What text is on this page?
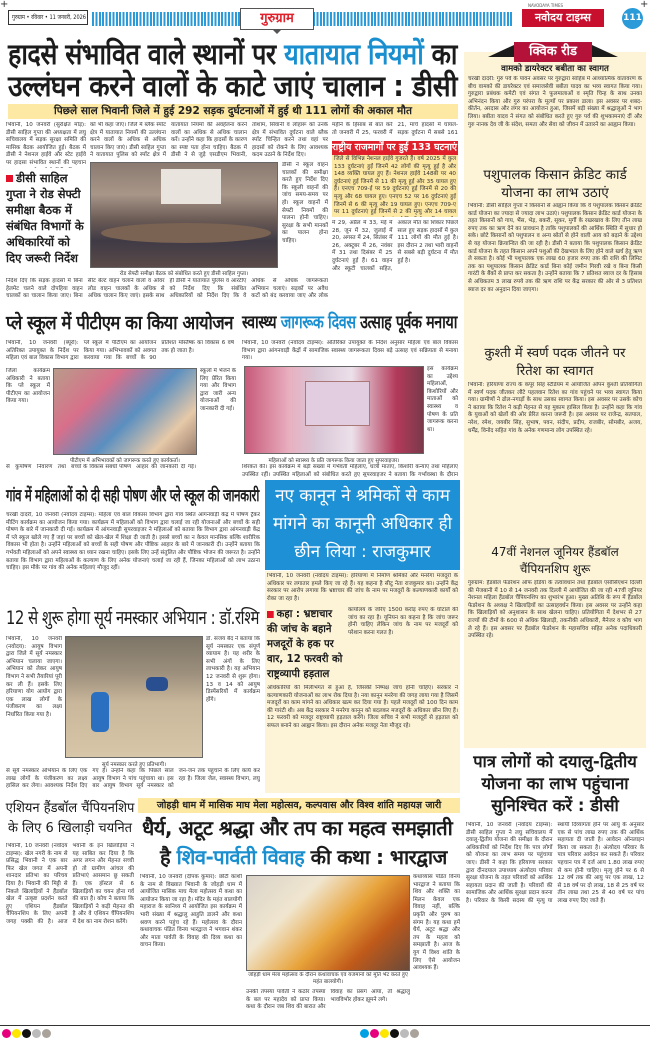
+	+
गुरुग्राम • रविवार • 11 जनवरी, 2026	गुरुग्राम
NAVODAYA TIMES
नवोदय टाइम्स	111
हादसे संभावित वाले स्थानों पर यातायात नियमों का
उल्लंघन करने वालों के काटे जाएं चालान : डीसी
पिछले साल भिवानी जिले में हुई 292 सड़क दुर्घटनाओं में हुई थी 111 लोगों की अकाल मौत
भिवानी, 10 जनवरी (सुरक्षित मोड़): डीसी साहिल गुप्ता की अध्यक्षता में लघु सचिवालय में सड़क सुरक्षा समिति की मासिक बैठक आयोजित हुई। बैठक में डीसी ने नेशनल हाईवे और स्टेट हाईवे पर हादसा संभावित स्थानों की पहचान
डीसी साहिल गुप्ता ने रोड सेफ्टी समीक्षा बैठक में संबंधित विभागों के अधिकारियों को दिए जरूरी निर्देश
को भी कहा जाए। जिले में ब्लैक स्पॉट क्षेत्र में यातायात नियमों की उल्लंघना करने वालों के अधिक से अधिक चालान किए जाएं। डीसी साहिल गुप्ता ने यातायात पुलिस को स्पॉट क्षेत्र में यातायात नियमों की अवहेलना करने वालों का अधिक से अधिक चालान करें। उन्होंने कहा कि हादसों के कारण का स्पष्ट पता होना चाहिए। बैठक में डीसी ने से जुड़े एसडीएम भिवानी, तोशाम, सिवानी व लोहारू को उनके क्षेत्र में संभावित दुर्घटना वाले ब्लैक स्पॉट चिन्हित करने तथा वहां पर हादसों को रोकने के लिए आवश्यक कदम उठाने के निर्देश दिए।
रोड सेफ्टी समीक्षा बैठक को संबोधित करते हुए डीसी साहिल गुप्ता।
डीसी ने स्कूल वाहन चालकों की समीक्षा करते हुए निर्देश दिए कि स्कूली वाहनों की जांच समय-समय पर हो। स्कूल वाहनों में सेफ्टी नियमों की पालना होनी चाहिए। सुरक्षा के सभी मानकों का पालन होना चाहिए।
निर्देश दिए कि सड़क हादसों में बिना हेलमेट चलने वाले दोपहिया वाहन चालकों का चालान किया जाए। बिना सीट बेल्ट वाहन चलाने वालों व ओवर लोड वाहन चालकों के अधिक से अधिक चालान किए जाएं। इसके साथ ही डीसी ने यातायात पुलिस व आरटीए को निर्देश दिए कि संबंधित अधिकारियों को निर्देश दिए कि वे अधिक से अधिक जागरूकता अभियान चलाएं। सड़कों पर अवैध कटों को बंद करवाया जाए और लोक
महीने के हिसाब से बात करें तो जनवरी में 25, फरवरी में 21, मार्च हादसों में घायल-सड़क दुर्घटना में सबसे 161
राष्ट्रीय राजमार्गों पर हुई 133 घटनाएं
जिले से विभिन्न नेशनल हाईवे गुजरते हैं। वर्ष 2025 में कुल 133 दुर्घटनाएं हुईं जिनमें 42 लोगों की मृत्यु हुई है और 148 व्यक्ति घायल हुए हैं। नेशनल हाईवे 148बी पर 40 दुर्घटनाएं हुई जिनमें से 11 की मृत्यु हुई और 35 घायल हुए हैं। एनएच 709-ई पर 59 दुर्घटनाएं हुई जिनमें से 20 की मृत्यु और 68 घायल हुए। एनएच 52 पर 16 दुर्घटनाएं हुई जिनमें से 6 की मृत्यु और 19 घायल हुए। एनएच 709-ए पर 11 दुर्घटनाएं हुई जिनमें से 2 की मृत्यु और 14 घायल
में 29, अप्रैल में 33, मई में 28, जून में 32, जुलाई में 20, अगस्त में 24, सितंबर में 26, अक्टूबर में 26, नवंबर में 31 तथा दिसंबर में 25 दुर्घटनाएं हुई हैं। 61 वाहन और स्कूटी चालकों सहित, अकाल मौत का शिकार पिछले साल हुए सड़क हादसों में कुल 111 लोगों की मौत हुई है। इस दौरान 2 तथा भारी वाहनों से सबसे बड़ी दुर्घटना में मौत हुई है।
प्ले स्कूल में पीटीएम का किया आयोजन
भिवानी, 10 जनवरी (ब्यूरो): अतिरिक्त उपायुक्त के निर्देश पर महिला एवं बाल विकास विभाग द्वारा प्ले स्कूल में पीटीएम का आयोजन किया गया। अभिभावकों को अवगत करवाया गया कि बच्चों के 90 प्रतिशत मस्तिष्क का विकास 6 वर्ष तक हो जाता है।
जिला कार्यक्रम अधिकारी ने बताया कि प्ले स्कूल में पीटीएम का आयोजन किया गया।
पीटीएम में अभिभावकों को जागरूक करते हुए कार्यकर्ता।
स्कूलों में भेजने के लिए प्रेरित किया गया और विभाग द्वारा जारी अन्य योजनाओं की जानकारी दी गई।
से कुपोषण निवारण तथा बच्चों के विकास संबंधी पोषण आहार की जानकारी दी गई।
स्वास्थ्य जागरूक दिवस उत्साह पूर्वक मनाया
भिवानी, 10 जनवरी (नवोदय टाइम्स): अतिरिक्त उपायुक्त के निर्देश अनुसार महिला एवं बाल विकास विभाग द्वारा आंगनवाड़ी केंद्रों में सामाजिक स्वास्थ्य जागरूकता दिवस बड़े उत्साह एवं सक्रियता से मनाया गया।
महिलाओं को स्वास्थ्य के प्रति जागरूक किया जाता हुए सुपरवाइजर।
इस कार्यक्रम का उद्देश्य महिलाओं, किशोरियों और माताओं को स्वास्थ्य व पोषण के प्रति जागरूक करना था।
शिरकत की। इस कार्यक्रम में बड़ी संख्या में गर्भवती महिलाएं, धात्री माताएं, किशोरी कन्याएं तथा महिलाएं उपस्थित रहीं। उपस्थित महिलाओं को संबोधित करते हुए सुपरवाइजर ने बताया कि गर्भावस्था के दौरान
गांव में महिलाओं को दी सही पोषण और प्ले स्कूल की जानकारी
चरखी दादरी, 10 जनवरी (नवोदय टाइम्स): महिला एवं बाल विकास विभाग द्वारा गांव स्थित आंगनवाड़ी केंद्र में पोषण ट्रैकर मीटिंग कार्यक्रम का आयोजन किया गया। कार्यक्रम में महिलाओं को विभाग द्वारा चलाई जा रही योजनाओं और बच्चों के सही पोषण के बारे में जानकारी दी गई। कार्यक्रम में आंगनवाड़ी सुपरवाइजर ने महिलाओं को बताया कि विभाग द्वारा आंगनवाड़ी केंद्र में प्ले स्कूल खोले गए हैं जहां पर बच्चों को खेल-खेल में शिक्षा दी जाती है। इससे बच्चों का न केवल मानसिक बल्कि शारीरिक विकास भी होता है। उन्होंने महिलाओं को बच्चों के सही पोषण और पौष्टिक आहार के बारे में जानकारी दी। उन्होंने बताया कि गर्भवती महिलाओं को अपने स्वास्थ्य का ध्यान रखना चाहिए। इसके लिए उन्हें संतुलित और पौष्टिक भोजन की जरूरत है। उन्होंने बताया कि विभाग द्वारा महिलाओं के कल्याण के लिए अनेक योजनाएं चलाई जा रही हैं, जिनका महिलाओं को लाभ उठाना चाहिए। इस मौके पर गांव की अनेक महिलाएं मौजूद रहीं।
नए कानून ने श्रमिकों से काम मांगने का कानूनी अधिकार ही छीन लिया : राजकुमार
भिवानी, 10 जनवरी (नवोदय टाइम्स): हरियाणा में निर्माण श्रमिकों और मनरेगा मजदूरों के अधिकार पर लगातार हमले किए जा रहे हैं। यह कहना है सीटू नेता राजकुमार का। उन्होंने केंद्र सरकार पर आरोप लगाया कि भ्रष्टाचार की जांच के नाम पर मजदूरों के कल्याणकारी कार्यों को रोका जा रहा है।
कहा : भ्रष्टाचार की जांच के बहाने मजदूरों के हक पर वार, 12 फरवरी को राष्ट्रव्यापी हड़ताल
कार्यालय के जरिए 1500 करोड़ रुपए के घोटाले की जांच का रहा है। यूनियन का कहना है कि जांच जरूर होनी चाहिए लेकिन जांच के नाम पर मजदूरों को परेशान करना गलत है।
अधिकारियों की मिलीभगत से हुआ है, जिसकी निष्पक्ष जांच होनी चाहिए। सरकार ने कल्याणकारी योजनाओं का लाभ रोक दिया है। नया कानून मनरेगा की जगह लाया गया है जिसमें मजदूरों का काम मांगने का अधिकार खत्म कर दिया गया है। पहले मजदूरों को 100 दिन काम की गारंटी थी। अब केंद्र सरकार ने मनरेगा कानून को बदलकर मजदूरों के अधिकार छीन लिए हैं। 12 फरवरी को मजदूर राष्ट्रव्यापी हड़ताल करेंगे। जिला सचिव ने सभी मजदूरों से हड़ताल को सफल बनाने का आह्वान किया। इस दौरान अनेक मजदूर नेता मौजूद रहे।
12 से शुरू होगा सूर्य नमस्कार अभियान : डॉ.रश्मि
भिवानी, 10 जनवरी (नवोदय): आयुष विभाग द्वारा जिले में सूर्य नमस्कार अभियान चलाया जाएगा। अभियान को लेकर आयुष विभाग ने सभी तैयारियां पूरी कर ली हैं। इसके लिए हरियाणा योग आयोग द्वारा एक लाख लोगों के पंजीकरण का लक्ष्य निर्धारित किया गया है।
सूर्य नमस्कार करते हुए प्रतिभागी।
डॉ. संजय बैद ने बताया कि सूर्य नमस्कार एक संपूर्ण व्यायाम है। यह शरीर के सभी अंगों के लिए लाभकारी है। यह अभियान 12 जनवरी से शुरू होगा। 13 व 14 को आयुष डिस्पेंसरियों में कार्यक्रम होंगे।
से सूर्य नमस्कार अभियान के लिए एक लाख लोगों के पंजीकरण का लक्ष्य हासिल कर लेगा। आवश्यक निर्देश दिए गए हैं। उन्होंने कहा कि पिछले साल आयुष विभाग ने पांच पहुंचाया था। इस बार आयुष विभाग सूर्य नमस्कार को जन-जन तक पहुंचाने के लिए कार्य कर रहा है। जिला जेल, स्वास्थ्य विभाग, लघु
एशियन हैंडबॉल चैंपियनशिप के लिए 6 खिलाड़ी चयनित
भिवानी, 10 जनवरी (नवोदय टाइम्स): खेल नगरी के नाम से प्रसिद्ध भिवानी ने एक बार फिर खेल जगत में अपनी शानदार प्रतिभा का परिचय दिया है। भिवानी की मिट्टी से निकले खिलाड़ियों ने हैंडबॉल खेल में उत्कृष्ट प्रदर्शन करते हुए एशियन हैंडबॉल चैंपियनशिप के लिए अपनी जगह पक्की की है। आज भवानी के इन खिलाड़ियों ने यह साबित कर दिया है कि अगर लगन और मेहनत सच्ची हो तो ग्रामीण आंचल की प्रतिभाएं आसमान छू सकती हैं। एक हॉस्टल से 6 खिलाड़ियों का चयन होना गर्व की बात है। कोच ने बताया कि खिलाड़ियों ने कड़ी मेहनत की है और वे एशियन चैंपियनशिप में देश का नाम रोशन करेंगे।
जोहड़ी धाम में मासिक माघ मेला महोत्सव, कल्पवास और विश्व शांति महायज्ञ जारी
धैर्य, अटूट श्रद्धा और तप का महत्व समझाती
है शिव-पार्वती विवाह की कथा : भारद्वाज
भिवानी, 10 जनवरी (दीपक कुमार): छोटी काशी के नाम से विख्यात भिवानी के जोहड़ी धाम में आयोजित मासिक माघ मेला महोत्सव में कथा का आयोजन किया जा रहा है। मंदिर के महंत बालयोगी महाराज के सानिध्य में आयोजित इस कार्यक्रम में भारी संख्या में श्रद्धालु आहुति डालने और कथा श्रवण करने पहुंच रहे हैं। महोत्सव के दौरान कथावाचक पंडित विनय भारद्वाज ने भगवान शंकर और माता पार्वती के विवाह की दिव्य कथा का वाचन किया।
जोहड़ी धाम मेला महोत्सव के दौरान कथावाचक एवं यजमानों को मूर्ति भेंट करते हुए महंत बालयोगी।
उनकी तपस्या पार्वती ने कठोर तपस्या के बल पर महादेव को प्राप्त किया। कथा के दौरान जब शिव की बारात और विवाह का प्रसंग आया, तो श्रद्धालु भावविभोर होकर झूमने लगे।
कथाव्यास पंडित विनय भारद्वाज ने बताया कि शिव और शक्ति का मिलन केवल एक विवाह नहीं, बल्कि प्रकृति और पुरुष का संगम है। यह कथा हमें धैर्य, अटूट श्रद्धा और तप के महत्व को समझाती है। आज के युग में विश्व शांति के लिए ऐसे आयोजन आवश्यक हैं।
क्विक रीड
वामको डायरेक्टर बबीता का स्वागत
चरखी दादरी: गुरु पर्व के पावन अवसर पर गुरुद्वारा साहिब में आध्यात्मिक वातावरण के बीच वामको की डायरेक्टर एवं समाजसेवी बबीता यादव का भव्य स्वागत किया गया। गुरुद्वारा प्रबंधक कमेटी एवं संगत ने फूलमालाओं व स्मृति चिन्ह के साथ उनका अभिनंदन किया और गुरु परंपरा के मूल्यों पर प्रकाश डाला। इस अवसर पर शबद-कीर्तन, अरदास और लंगर का आयोजन हुआ, जिसमें बड़ी संख्या में श्रद्धालुओं ने भाग लिया। बबीता यादव ने संगत को संबोधित करते हुए गुरु पर्व की शुभकामनाएं दीं और गुरु नानक देव जी के संदेश, समता और सेवा को जीवन में उतारने का आह्वान किया।
पशुपालक किसान क्रेडिट कार्ड योजना का लाभ उठाएं
भिवानी: डीसी साहिल गुप्ता ने किसानों से आह्वान किया कि वे पशुपालक किसान क्रेडिट कार्ड योजना का ज्यादा से ज्यादा लाभ उठाएं। पशुपालक किसान क्रेडिट कार्ड योजना के तहत किसानों को गाय, भैंस, भेड़, बकरी, सूकर, मुर्गी के रखरखाव के लिए तीन लाख रुपए तक का ऋण देने का प्रावधान है ताकि पशुपालकों की आर्थिक स्थिति में सुधार हो सके। छोटे किसानों को पशुपालन व अन्य स्रोतों से होने वाली आय को बढ़ाने के उद्देश्य से यह योजना क्रियान्वित की जा रही है। डीसी ने बताया कि पशुपालक किसान क्रेडिट कार्ड योजना के तहत किसान अपने पशुओं की देखभाल के लिए होने वाले खर्च हेतु ऋण ले सकता है। कोई भी पशुपालक एक लाख 60 हजार रुपए तक की राशि की लिमिट तक का पशुपालक किसान क्रेडिट कार्ड बिना कोई जमीन गिरवी रखे व बिना किसी गारंटी के बैंकों से प्राप्त कर सकता है। उन्होंने बताया कि 7 प्रतिशत ब्याज दर के हिसाब से अधिकतम 3 लाख रुपये तक की ऋण राशि पर केंद्र सरकार की ओर से 3 प्रतिशत ब्याज दर का अनुदान दिया जाएगा।
कुश्ती में स्वर्ण पदक जीतने पर रितेश का स्वागत
भिवानी: हरियाणा राज्य के कपूर सिंह स्टेडियम में आयोजित ओपन कुश्ती प्रतियोगिता में स्वर्ण पदक जीतकर लौटे पहलवान रितेश का गांव पहुंचने पर भव्य स्वागत किया गया। ग्रामीणों ने ढोल-नगाड़ों के साथ उसका स्वागत किया। इस अवसर पर उसके कोच ने बताया कि रितेश ने कड़ी मेहनत से यह मुकाम हासिल किया है। उन्होंने कहा कि गांव के युवाओं को खेलों की ओर प्रेरित करना जरूरी है। इस अवसर पर राजेन्द्र, सतपाल, नरेश, रमेश, जयबीर सिंह, सुभाष, पवन, संदीप, प्रदीप, राजबीर, सोमबीर, अजय, धर्मेंद्र, विनोद सहित गांव के अनेक गणमान्य लोग उपस्थित रहे।
47वीं नेशनल जूनियर हैंडबॉल चैंपियनशिप शुरू
गुरुग्राम: हैंडबॉल फेडरेशन ऑफ इंडिया के तत्वावधान तथा हैंडबॉल एसोसिएशन दिल्ली की मेजबानी में 10 से 14 जनवरी तक दिल्ली में आयोजित की जा रही 47वीं जूनियर नेशनल महिला हैंडबॉल चैंपियनशिप का शुभारंभ हुआ। मुख्य अतिथि के रूप में हैंडबॉल फेडरेशन के अध्यक्ष ने खिलाड़ियों का उत्साहवर्धन किया। इस अवसर पर उन्होंने कहा कि खिलाड़ियों को अनुशासन के साथ खेलना चाहिए। प्रतियोगिता में देशभर से 27 राज्यों की टीमों के 600 से अधिक खिलाड़ी, तकनीकी अधिकारी, मैनेजर व कोच भाग ले रहे हैं। इस अवसर पर हैंडबॉल फेडरेशन के महासचिव सहित अनेक पदाधिकारी उपस्थित रहे।
पात्र लोगों को दयालु-द्वितीय योजना का लाभ पहुंचाना सुनिश्चित करें : डीसी
भिवानी, 10 जनवरी (नवोदय टाइम्स): डीसी साहिल गुप्ता ने लघु सचिवालय में दयालु-द्वितीय योजना की समीक्षा के दौरान अधिकारियों को निर्देश दिए कि पात्र लोगों को योजना का लाभ समय पर पहुंचाया जाए। डीसी ने कहा कि हरियाणा सरकार द्वारा दीनदयाल उपाध्याय अंत्योदय परिवार सुरक्षा योजना के तहत परिवारों को आर्थिक सहायता प्रदान की जाती है। परिवारों की सामाजिक और आर्थिक सुरक्षा प्रदान करना है। परिवार के किसी सदस्य की मृत्यु या स्थायी दिव्यांगता होने पर आयु के अनुसार एक से पांच लाख रुपए तक की आर्थिक सहायता दी जाती है। आवेदन ऑनलाइन किया जा सकता है। अंत्योदय परिवार के पात्र परिवार आवेदन कर सकते हैं। परिवार पहचान पत्र में दर्ज आय 1.80 लाख रुपए से कम होनी चाहिए। मृत्यु होने पर 6 से 12 वर्ष तक की आयु पर एक लाख, 12 से 18 वर्ष पर दो लाख, 18 से 25 वर्ष पर तीन लाख तथा 25 से 40 वर्ष पर पांच लाख रुपए दिए जाते हैं।
